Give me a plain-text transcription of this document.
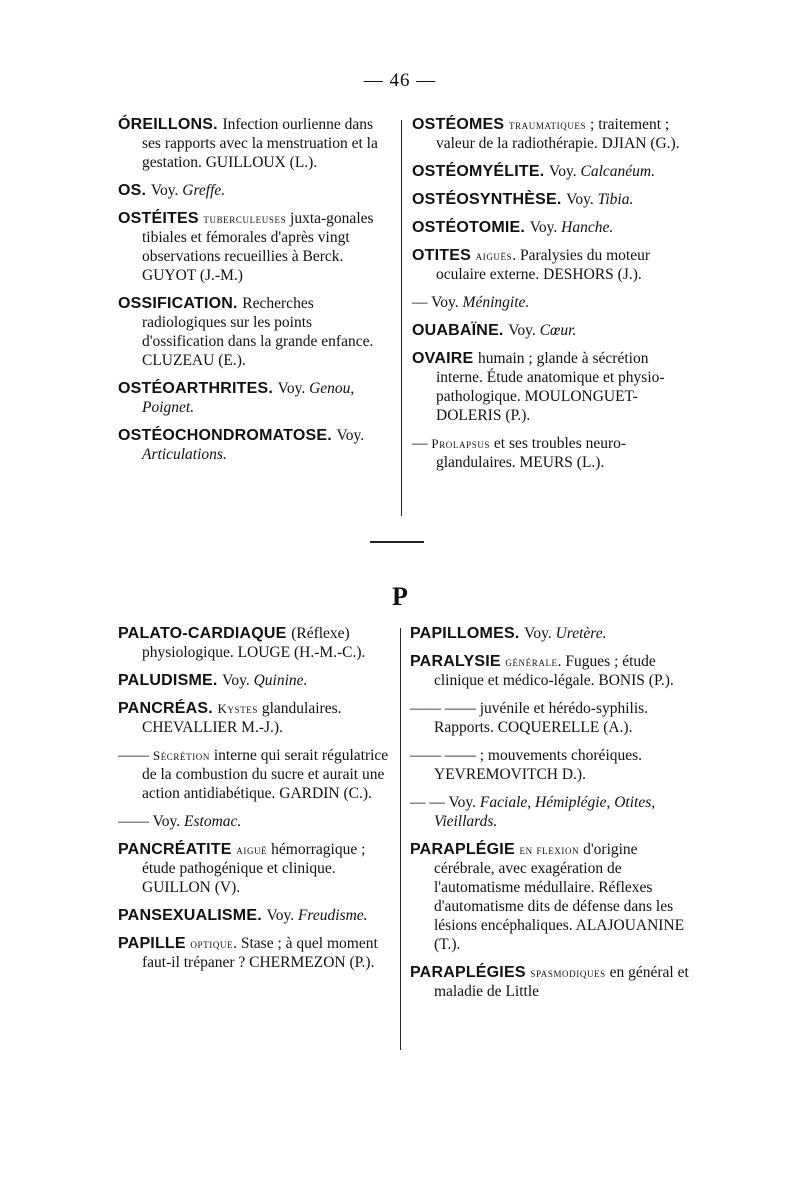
— 46 —
ÓREILLONS. Infection ourlienne dans ses rapports avec la menstruation et la gestation. GUILLOUX (L.).
OS. Voy. Greffe.
OSTÉITES tuberculeuses juxta-gonales tibiales et fémorales d'après vingt observations recueillies à Berck. GUYOT (J.-M.)
OSSIFICATION. Recherches radiologiques sur les points d'ossification dans la grande enfance. CLUZEAU (E.).
OSTÉOARTHRITES. Voy. Genou, Poignet.
OSTÉOCHONDROMATOSE. Voy. Articulations.
OSTÉOMES traumatiques ; traitement ; valeur de la radiothérapie. DJIAN (G.).
OSTÉOMYÉLITE. Voy. Calcanéum.
OSTÉOSYNTHÈSE. Voy. Tibia.
OSTÉOTOMIE. Voy. Hanche.
OTITES aiguës. Paralysies du moteur oculaire externe. DESHORS (J.).
— Voy. Méningite.
OUABAÏNE. Voy. Cœur.
OVAIRE humain ; glande à sécrétion interne. Étude anatomique et physio-pathologique. MOULONGUET-DOLERIS (P.).
— Prolapsus et ses troubles neuro-glandulaires. MEURS (L.).
P
PALATO-CARDIAQUE (Réflexe) physiologique. LOUGE (H.-M.-C.).
PALUDISME. Voy. Quinine.
PANCRÉAS. Kystes glandulaires. CHEVALLIER M.-J.).
—— Sécrétion interne qui serait régulatrice de la combustion du sucre et aurait une action antidiabétique. GARDIN (C.).
—— Voy. Estomac.
PANCRÉATITE aiguë hémorragique ; étude pathogénique et clinique. GUILLON (V).
PANSEXUALISME. Voy. Freudisme.
PAPILLE optique. Stase ; à quel moment faut-il trépaner ? CHERMEZON (P.).
PAPILLOMES. Voy. Uretère.
PARALYSIE générale. Fugues ; étude clinique et médico-légale. BONIS (P.).
—— —— juvénile et hérédo-syphilis. Rapports. COQUERELLE (A.).
—— —— ; mouvements choréiques. YEVREMOVITCH D.).
— — Voy. Faciale, Hémiplégie, Otites, Vieillards.
PARAPLÉGIE en flexion d'origine cérébrale, avec exagération de l'automatisme médullaire. Réflexes d'automatisme dits de défense dans les lésions encéphaliques. ALAJOUANINE (T.).
PARAPLÉGIES spasmodiques en général et maladie de Little
